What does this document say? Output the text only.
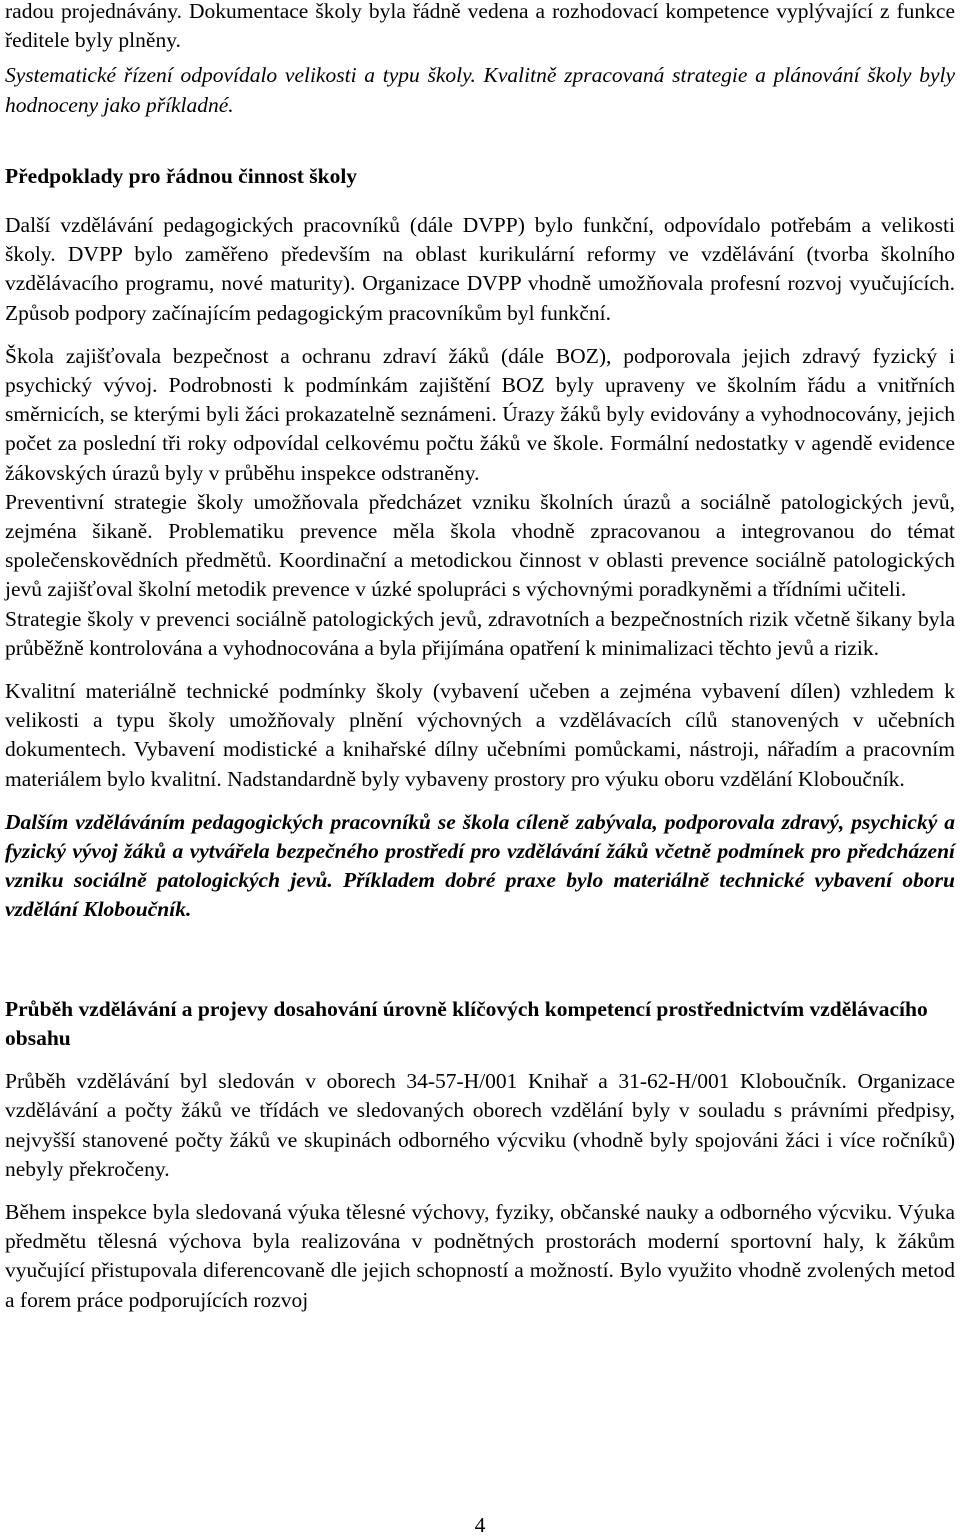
radou projednávány. Dokumentace školy byla řádně vedena a rozhodovací kompetence vyplývající z funkce ředitele byly plněny.

Systematické řízení odpovídalo velikosti a typu školy. Kvalitně zpracovaná strategie a plánování školy byly hodnoceny jako příkladné.

Předpoklady pro řádnou činnost školy

Další vzdělávání pedagogických pracovníků (dále DVPP) bylo funkční, odpovídalo potřebám a velikosti školy. DVPP bylo zaměřeno především na oblast kurikulární reformy ve vzdělávání (tvorba školního vzdělávacího programu, nové maturity). Organizace DVPP vhodně umožňovala profesní rozvoj vyučujících. Způsob podpory začínajícím pedagogickým pracovníkům byl funkční.

Škola zajišťovala bezpečnost a ochranu zdraví žáků (dále BOZ), podporovala jejich zdravý fyzický i psychický vývoj. Podrobnosti k podmínkám zajištění BOZ byly upraveny ve školním řádu a vnitřních směrnicích, se kterými byli žáci prokazatelně seznámeni. Úrazy žáků byly evidovány a vyhodnocovány, jejich počet za poslední tři roky odpovídal celkovému počtu žáků ve škole. Formální nedostatky v agendě evidence žákovských úrazů byly v průběhu inspekce odstraněny.

Preventivní strategie školy umožňovala předcházet vzniku školních úrazů a sociálně patologických jevů, zejména šikaně. Problematiku prevence měla škola vhodně zpracovanou a integrovanou do témat společenskovědních předmětů. Koordinační a metodickou činnost v oblasti prevence sociálně patologických jevů zajišťoval školní metodik prevence v úzké spolupráci s výchovnými poradkyněmi a třídními učiteli.

Strategie školy v prevenci sociálně patologických jevů, zdravotních a bezpečnostních rizik včetně šikany byla průběžně kontrolována a vyhodnocována a byla přijímána opatření k minimalizaci těchto jevů a rizik.

Kvalitní materiálně technické podmínky školy (vybavení učeben a zejména vybavení dílen) vzhledem k velikosti a typu školy umožňovaly plnění výchovných a vzdělávacích cílů stanovených v učebních dokumentech. Vybavení modistické a knihařské dílny učebními pomůckami, nástroji, nářadím a pracovním materiálem bylo kvalitní. Nadstandardně byly vybaveny prostory pro výuku oboru vzdělání Kloboučník.

Dalším vzděláváním pedagogických pracovníků se škola cíleně zabývala, podporovala zdravý, psychický a fyzický vývoj žáků a vytvářela bezpečného prostředí pro vzdělávání žáků včetně podmínek pro předcházení vzniku sociálně patologických jevů. Příkladem dobré praxe bylo materiálně technické vybavení oboru vzdělání Kloboučník.

Průběh vzdělávání a projevy dosahování úrovně klíčových kompetencí prostřednictvím vzdělávacího obsahu

Průběh vzdělávání byl sledován v oborech 34-57-H/001 Knihař a 31-62-H/001 Kloboučník. Organizace vzdělávání a počty žáků ve třídách ve sledovaných oborech vzdělání byly v souladu s právními předpisy, nejvyšší stanovené počty žáků ve skupinách odborného výcviku (vhodně byly spojováni žáci i více ročníků) nebyly překročeny.

Během inspekce byla sledovaná výuka tělesné výchovy, fyziky, občanské nauky a odborného výcviku. Výuka předmětu tělesná výchova byla realizována v podnětných prostorách moderní sportovní haly, k žákům vyučující přistupovala diferencovaně dle jejich schopností a možností. Bylo využito vhodně zvolených metod a forem práce podporujících rozvoj

4
